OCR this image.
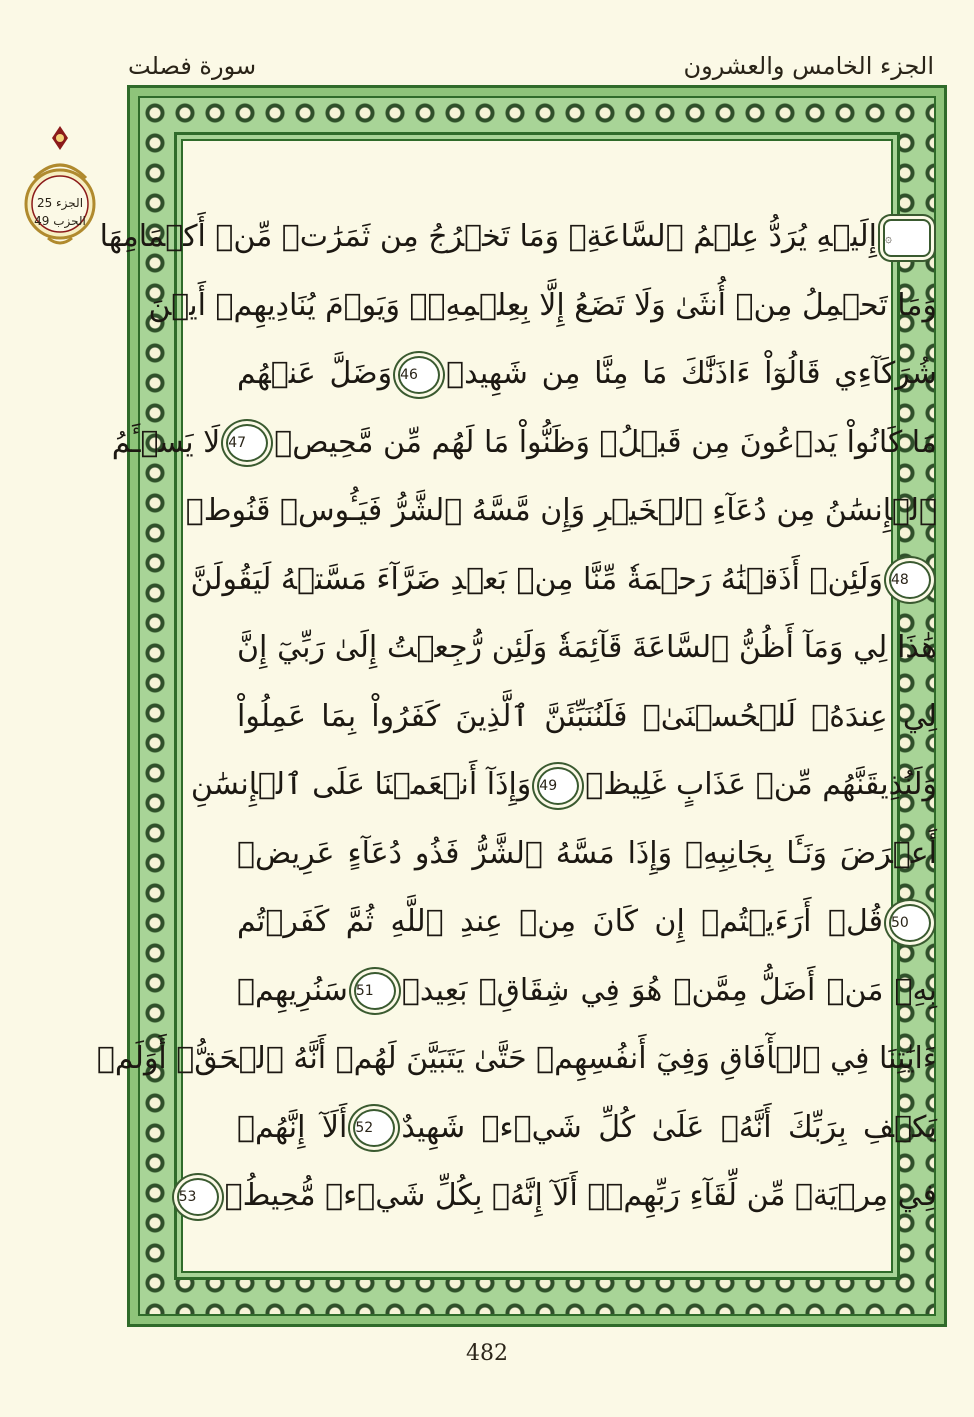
الجزء الخامس والعشرون
سورة فصلت
الجزء 25
الحزب 49
۞إِلَيۡهِ يُرَدُّ عِلۡمُ ٱلسَّاعَةِۚ وَمَا تَخۡرُجُ مِن ثَمَرَٰتٖ مِّنۡ أَكۡمَامِهَا
وَمَا تَحۡمِلُ مِنۡ أُنثَىٰ وَلَا تَضَعُ إِلَّا بِعِلۡمِهِۦۚ وَيَوۡمَ يُنَادِيهِمۡ أَيۡنَ
شُرَكَآءِي قَالُوٓاْ ءَاذَنَّٰكَ مَا مِنَّا مِن شَهِيدٖ46وَضَلَّ عَنۡهُم
مَا كَانُواْ يَدۡعُونَ مِن قَبۡلُۖ وَظَنُّواْ مَا لَهُم مِّن مَّحِيصٖ47لَا يَسۡـَٔمُ
ٱلۡإِنسَٰنُ مِن دُعَآءِ ٱلۡخَيۡرِ وَإِن مَّسَّهُ ٱلشَّرُّ فَيَـُٔوسٞ قَنُوطٞ
48وَلَئِنۡ أَذَقۡنَٰهُ رَحۡمَةٗ مِّنَّا مِنۢ بَعۡدِ ضَرَّآءَ مَسَّتۡهُ لَيَقُولَنَّ
هَٰذَا لِي وَمَآ أَظُنُّ ٱلسَّاعَةَ قَآئِمَةٗ وَلَئِن رُّجِعۡتُ إِلَىٰ رَبِّيٓ إِنَّ
لِي عِندَهُۥ لَلۡحُسۡنَىٰۚ فَلَنُنَبِّئَنَّ ٱلَّذِينَ كَفَرُواْ بِمَا عَمِلُواْ
وَلَنُذِيقَنَّهُم مِّنۡ عَذَابٍ غَلِيظٖ49وَإِذَآ أَنۡعَمۡنَا عَلَى ٱلۡإِنسَٰنِ
أَعۡرَضَ وَنَـَٔا بِجَانِبِهِۦ وَإِذَا مَسَّهُ ٱلشَّرُّ فَذُو دُعَآءٍ عَرِيضٖ
50قُلۡ أَرَءَيۡتُمۡ إِن كَانَ مِنۡ عِندِ ٱللَّهِ ثُمَّ كَفَرۡتُم
بِهِۦ مَنۡ أَضَلُّ مِمَّنۡ هُوَ فِي شِقَاقِۢ بَعِيدٖ51سَنُرِيهِمۡ
ءَايَٰتِنَا فِي ٱلۡأٓفَاقِ وَفِيٓ أَنفُسِهِمۡ حَتَّىٰ يَتَبَيَّنَ لَهُمۡ أَنَّهُ ٱلۡحَقُّۗ أَوَلَمۡ
يَكۡفِ بِرَبِّكَ أَنَّهُۥ عَلَىٰ كُلِّ شَيۡءٖ شَهِيدٌ52أَلَآ إِنَّهُمۡ
فِي مِرۡيَةٖ مِّن لِّقَآءِ رَبِّهِمۡۗ أَلَآ إِنَّهُۥ بِكُلِّ شَيۡءٖ مُّحِيطُۢ53
482
